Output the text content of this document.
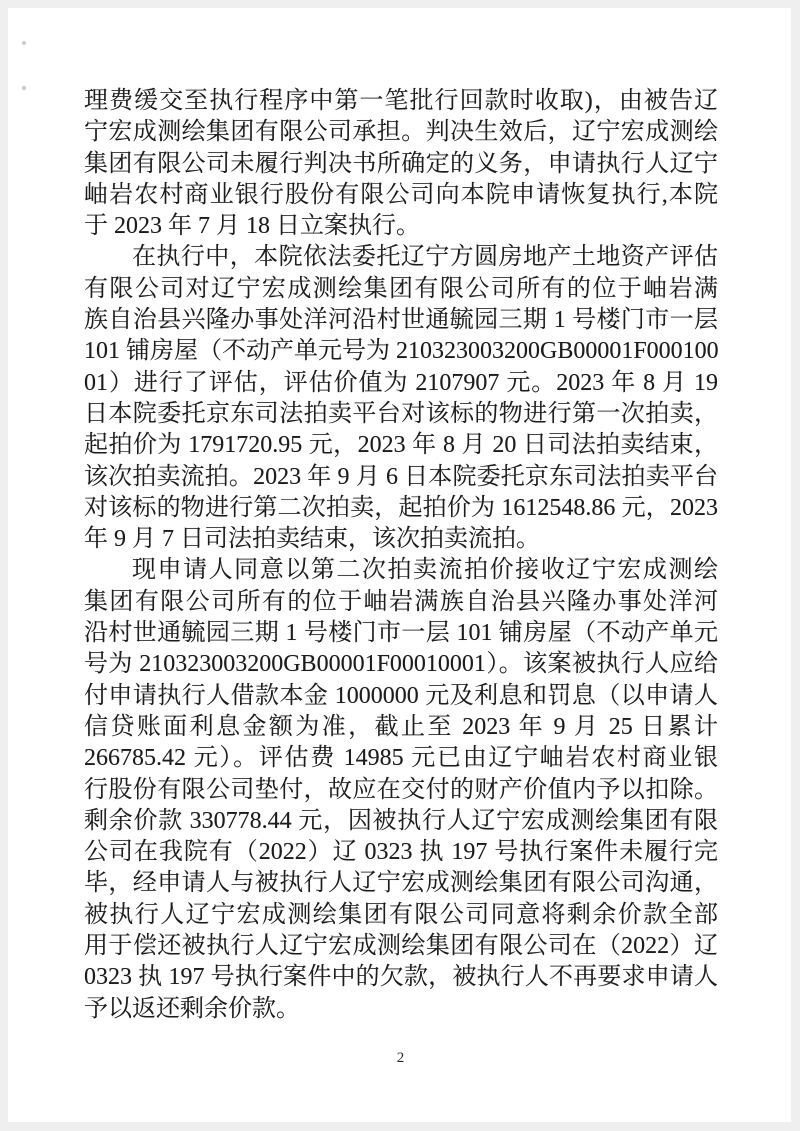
理费缓交至执行程序中第一笔批行回款时收取)，由被告辽
宁宏成测绘集团有限公司承担。判决生效后，辽宁宏成测绘
集团有限公司未履行判决书所确定的义务，申请执行人辽宁
岫岩农村商业银行股份有限公司向本院申请恢复执行,本院
于 2023 年 7 月 18 日立案执行。
在执行中，本院依法委托辽宁方圆房地产土地资产评估
有限公司对辽宁宏成测绘集团有限公司所有的位于岫岩满
族自治县兴隆办事处洋河沿村世通毓园三期 1 号楼门市一层
101 铺房屋（不动产单元号为 210323003200GB00001F000100
01）进行了评估，评估价值为 2107907 元。2023 年 8 月 19
日本院委托京东司法拍卖平台对该标的物进行第一次拍卖，
起拍价为 1791720.95 元，2023 年 8 月 20 日司法拍卖结束，
该次拍卖流拍。2023 年 9 月 6 日本院委托京东司法拍卖平台
对该标的物进行第二次拍卖，起拍价为 1612548.86 元，2023
年 9 月 7 日司法拍卖结束，该次拍卖流拍。
现申请人同意以第二次拍卖流拍价接收辽宁宏成测绘
集团有限公司所有的位于岫岩满族自治县兴隆办事处洋河
沿村世通毓园三期 1 号楼门市一层 101 铺房屋（不动产单元
号为 210323003200GB00001F00010001）。该案被执行人应给
付申请执行人借款本金 1000000 元及利息和罚息（以申请人
信贷账面利息金额为准，截止至 2023 年 9 月 25 日累计
266785.42 元）。评估费 14985 元已由辽宁岫岩农村商业银
行股份有限公司垫付，故应在交付的财产价值内予以扣除。
剩余价款 330778.44 元，因被执行人辽宁宏成测绘集团有限
公司在我院有（2022）辽 0323 执 197 号执行案件未履行完
毕，经申请人与被执行人辽宁宏成测绘集团有限公司沟通，
被执行人辽宁宏成测绘集团有限公司同意将剩余价款全部
用于偿还被执行人辽宁宏成测绘集团有限公司在（2022）辽
0323 执 197 号执行案件中的欠款，被执行人不再要求申请人
予以返还剩余价款。
2
